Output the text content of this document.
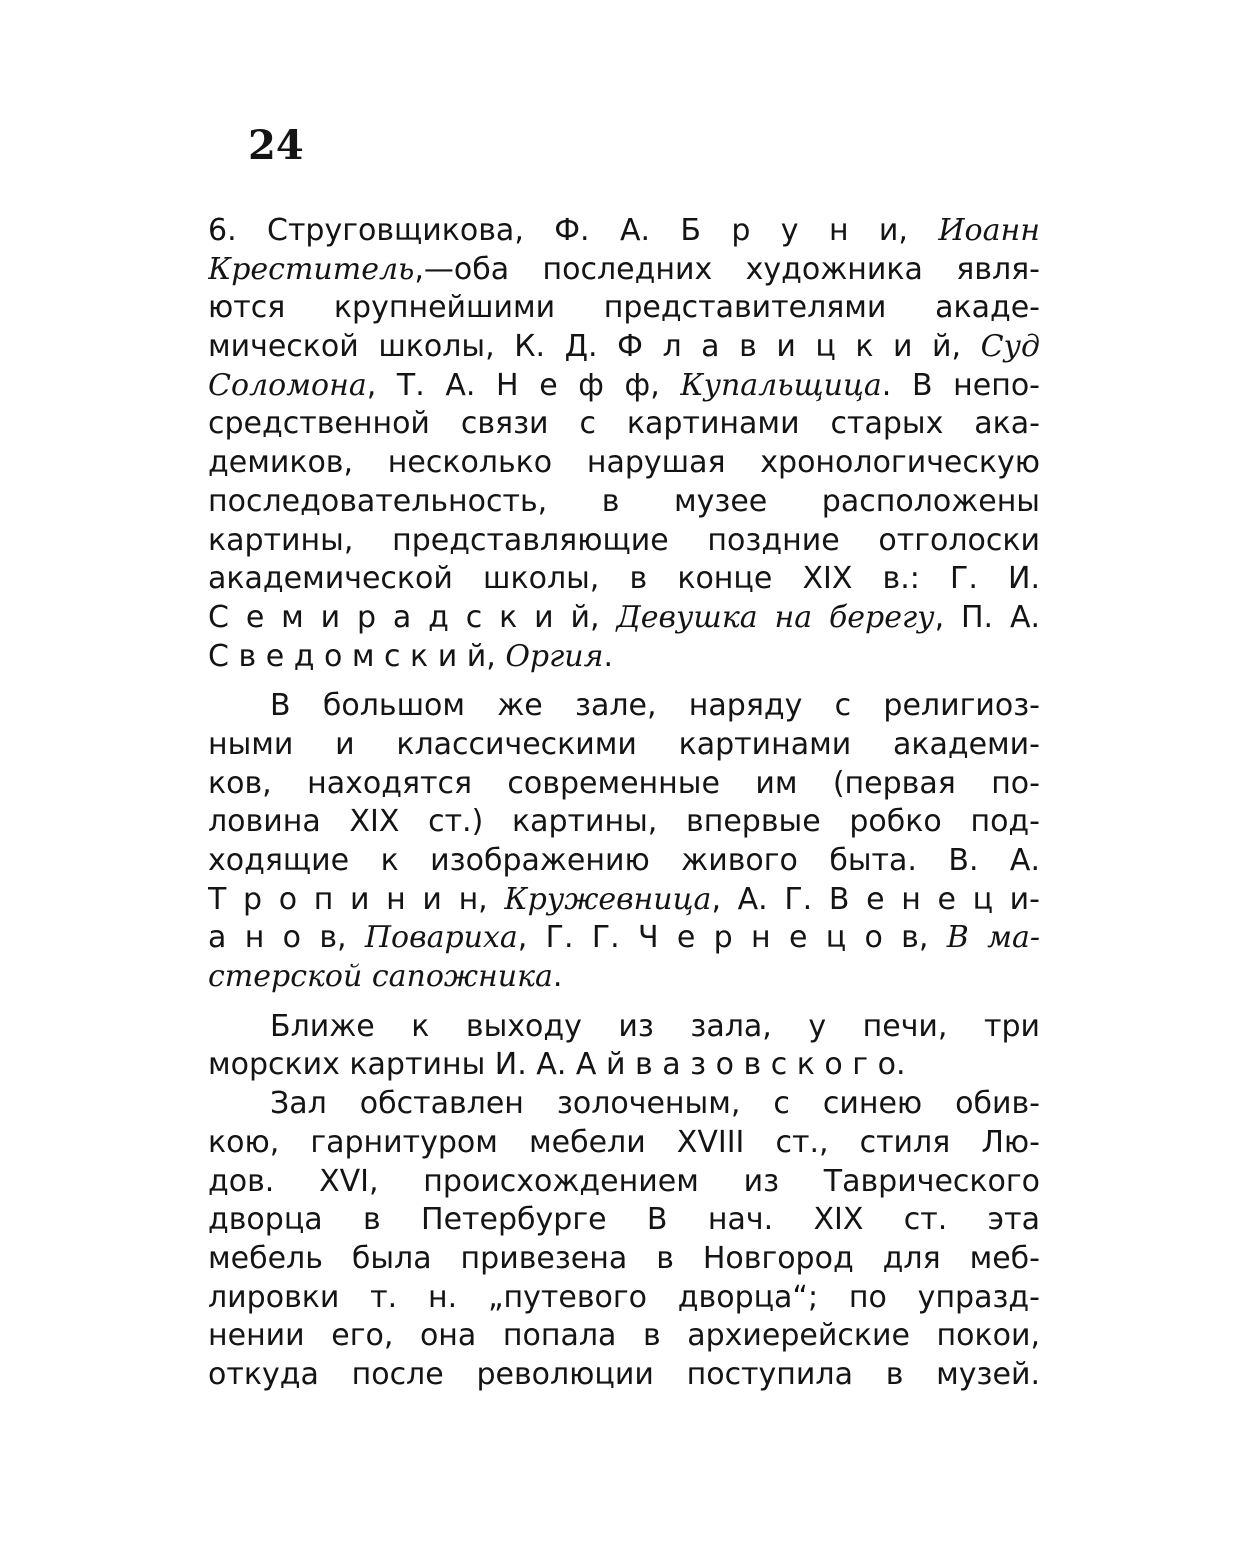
24
6. Струговщикова, Ф. А. Б р у н и, Иоанн
Креститель,—оба последних художника явля-
ются крупнейшими представителями акаде-
мической школы, К. Д. Ф л а в и ц к и й, Суд
Соломона, Т. А. Н е ф ф, Купальщица. В непо-
средственной связи с картинами старых ака-
демиков, несколько нарушая хронологическую
последовательность, в музее расположены
картины, представляющие поздние отголоски
академической школы, в конце XIX в.: Г. И.
С е м и р а д с к и й, Девушка на берегу, П. А.
С в е д о м с к и й, Оргия.
В большом же зале, наряду с религиоз-
ными и классическими картинами академи-
ков, находятся современные им (первая по-
ловина XIX ст.) картины, впервые робко под-
ходящие к изображению живого быта. В. А.
Т р о п и н и н, Кружевница, А. Г. В е н е ц и-
а н о в, Повариха, Г. Г. Ч е р н е ц о в, В ма-
стерской сапожника.
Ближе к выходу из зала, у печи, три
морских картины И. А. А й в а з о в с к о г о.
Зал обставлен золоченым, с синею обив-
кою, гарнитуром мебели XVIII ст., стиля Лю-
дов. XVI, происхождением из Таврического
дворца в Петербурге В нач. XIX ст. эта
мебель была привезена в Новгород для меб-
лировки т. н. „путевого дворца“; по упразд-
нении его, она попала в архиерейские покои,
откуда после революции поступила в музей.
